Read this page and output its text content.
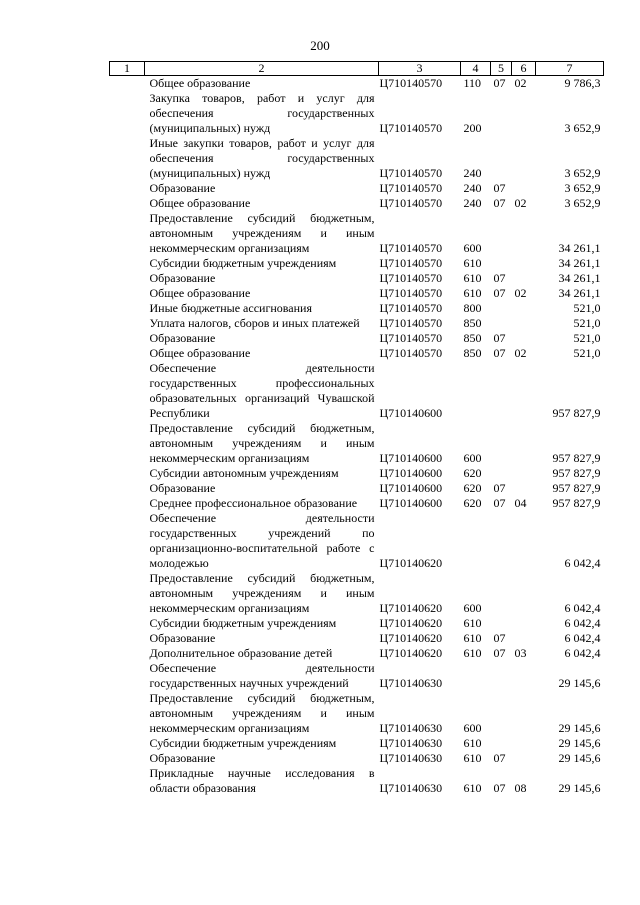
200
1	2	3	4	5	6	7
	Общее образование	Ц710140570	110	07	02	9 786,3
	Закупка товаров, работ и услуг для обеспечения государственных (муниципальных) нужд	Ц710140570	200			3 652,9
	Иные закупки товаров, работ и услуг для обеспечения государственных (муниципальных) нужд	Ц710140570	240			3 652,9
	Образование	Ц710140570	240	07		3 652,9
	Общее образование	Ц710140570	240	07	02	3 652,9
	Предоставление субсидий бюджетным, автономным учреждениям и иным некоммерческим организациям	Ц710140570	600			34 261,1
	Субсидии бюджетным учреждениям	Ц710140570	610			34 261,1
	Образование	Ц710140570	610	07		34 261,1
	Общее образование	Ц710140570	610	07	02	34 261,1
	Иные бюджетные ассигнования	Ц710140570	800			521,0
	Уплата налогов, сборов и иных платежей	Ц710140570	850			521,0
	Образование	Ц710140570	850	07		521,0
	Общее образование	Ц710140570	850	07	02	521,0
	Обеспечение деятельности государственных профессиональных образовательных организаций Чувашской Республики	Ц710140600				957 827,9
	Предоставление субсидий бюджетным, автономным учреждениям и иным некоммерческим организациям	Ц710140600	600			957 827,9
	Субсидии автономным учреждениям	Ц710140600	620			957 827,9
	Образование	Ц710140600	620	07		957 827,9
	Среднее профессиональное образование	Ц710140600	620	07	04	957 827,9
	Обеспечение деятельности государственных учреждений по организационно-воспитательной работе с молодежью	Ц710140620				6 042,4
	Предоставление субсидий бюджетным, автономным учреждениям и иным некоммерческим организациям	Ц710140620	600			6 042,4
	Субсидии бюджетным учреждениям	Ц710140620	610			6 042,4
	Образование	Ц710140620	610	07		6 042,4
	Дополнительное образование детей	Ц710140620	610	07	03	6 042,4
	Обеспечение деятельности государственных научных учреждений	Ц710140630				29 145,6
	Предоставление субсидий бюджетным, автономным учреждениям и иным некоммерческим организациям	Ц710140630	600			29 145,6
	Субсидии бюджетным учреждениям	Ц710140630	610			29 145,6
	Образование	Ц710140630	610	07		29 145,6
	Прикладные научные исследования в области образования	Ц710140630	610	07	08	29 145,6
